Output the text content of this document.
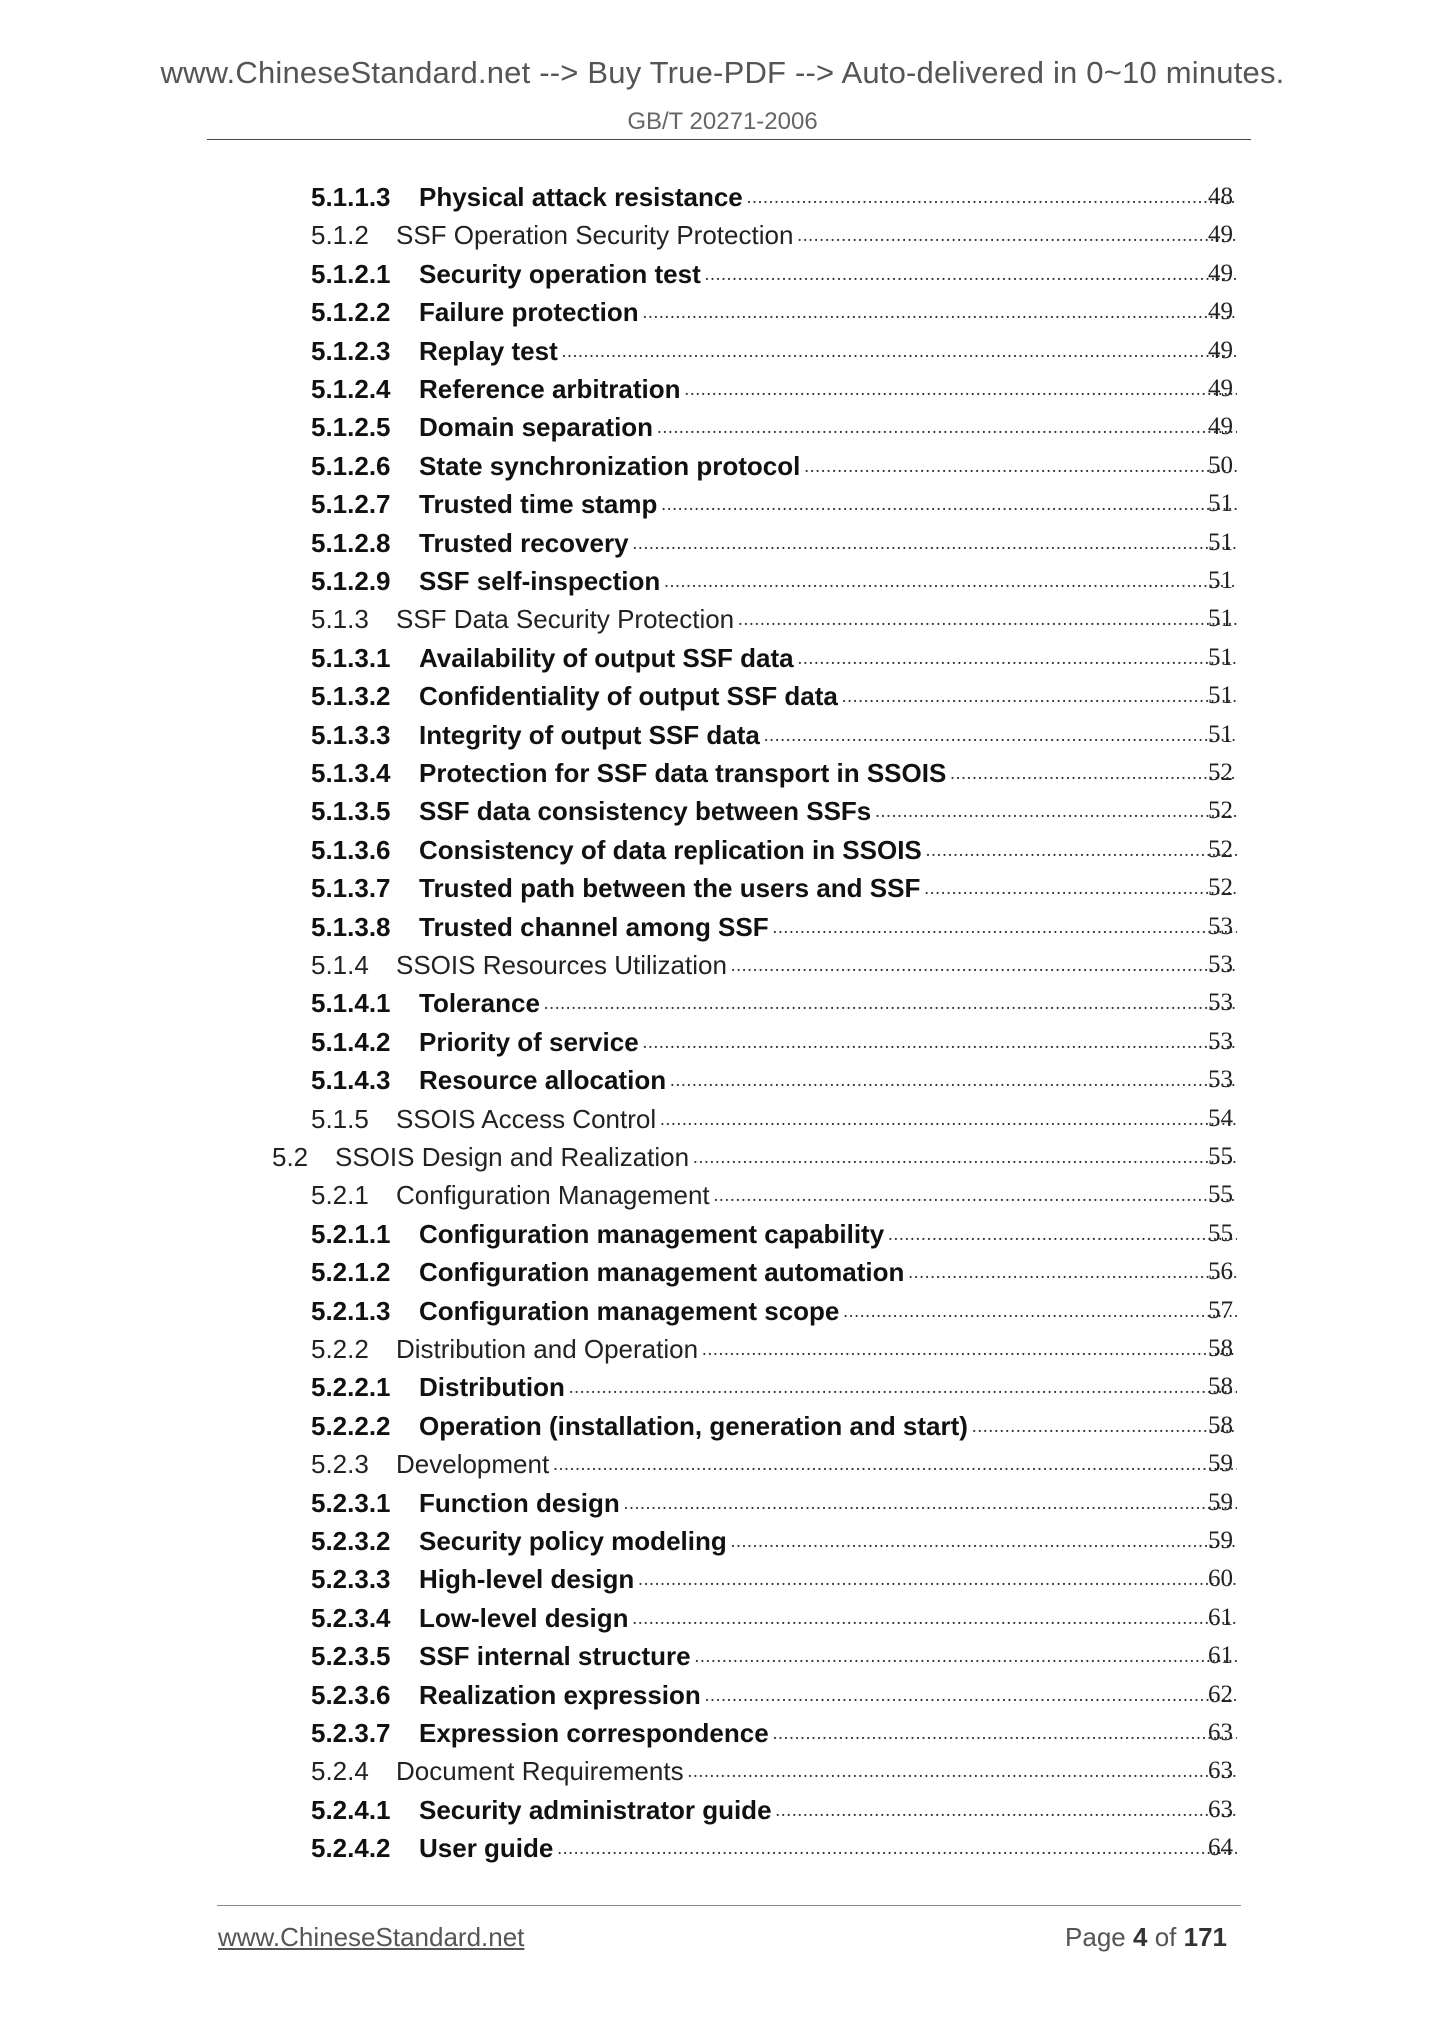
www.ChineseStandard.net --> Buy True-PDF --> Auto-delivered in 0~10 minutes.
GB/T 20271-2006
5.1.1.3 Physical attack resistance .....	48
5.1.2 SSF Operation Security Protection .....	49
5.1.2.1 Security operation test .....	49
5.1.2.2 Failure protection .....	49
5.1.2.3 Replay test .....	49
5.1.2.4 Reference arbitration .....	49
5.1.2.5 Domain separation .....	49
5.1.2.6 State synchronization protocol .....	50
5.1.2.7 Trusted time stamp .....	51
5.1.2.8 Trusted recovery .....	51
5.1.2.9 SSF self-inspection .....	51
5.1.3 SSF Data Security Protection .....	51
5.1.3.1 Availability of output SSF data .....	51
5.1.3.2 Confidentiality of output SSF data .....	51
5.1.3.3 Integrity of output SSF data .....	51
5.1.3.4 Protection for SSF data transport in SSOIS .....	52
5.1.3.5 SSF data consistency between SSFs .....	52
5.1.3.6 Consistency of data replication in SSOIS .....	52
5.1.3.7 Trusted path between the users and SSF .....	52
5.1.3.8 Trusted channel among SSF .....	53
5.1.4 SSOIS Resources Utilization .....	53
5.1.4.1 Tolerance .....	53
5.1.4.2 Priority of service .....	53
5.1.4.3 Resource allocation .....	53
5.1.5 SSOIS Access Control .....	54
5.2 SSOIS Design and Realization .....	55
5.2.1 Configuration Management .....	55
5.2.1.1 Configuration management capability .....	55
5.2.1.2 Configuration management automation .....	56
5.2.1.3 Configuration management scope .....	57
5.2.2 Distribution and Operation .....	58
5.2.2.1 Distribution .....	58
5.2.2.2 Operation (installation, generation and start) .....	58
5.2.3 Development .....	59
5.2.3.1 Function design .....	59
5.2.3.2 Security policy modeling .....	59
5.2.3.3 High-level design .....	60
5.2.3.4 Low-level design .....	61
5.2.3.5 SSF internal structure .....	61
5.2.3.6 Realization expression .....	62
5.2.3.7 Expression correspondence .....	63
5.2.4 Document Requirements .....	63
5.2.4.1 Security administrator guide .....	63
5.2.4.2 User guide .....	64
www.ChineseStandard.net	Page 4 of 171
